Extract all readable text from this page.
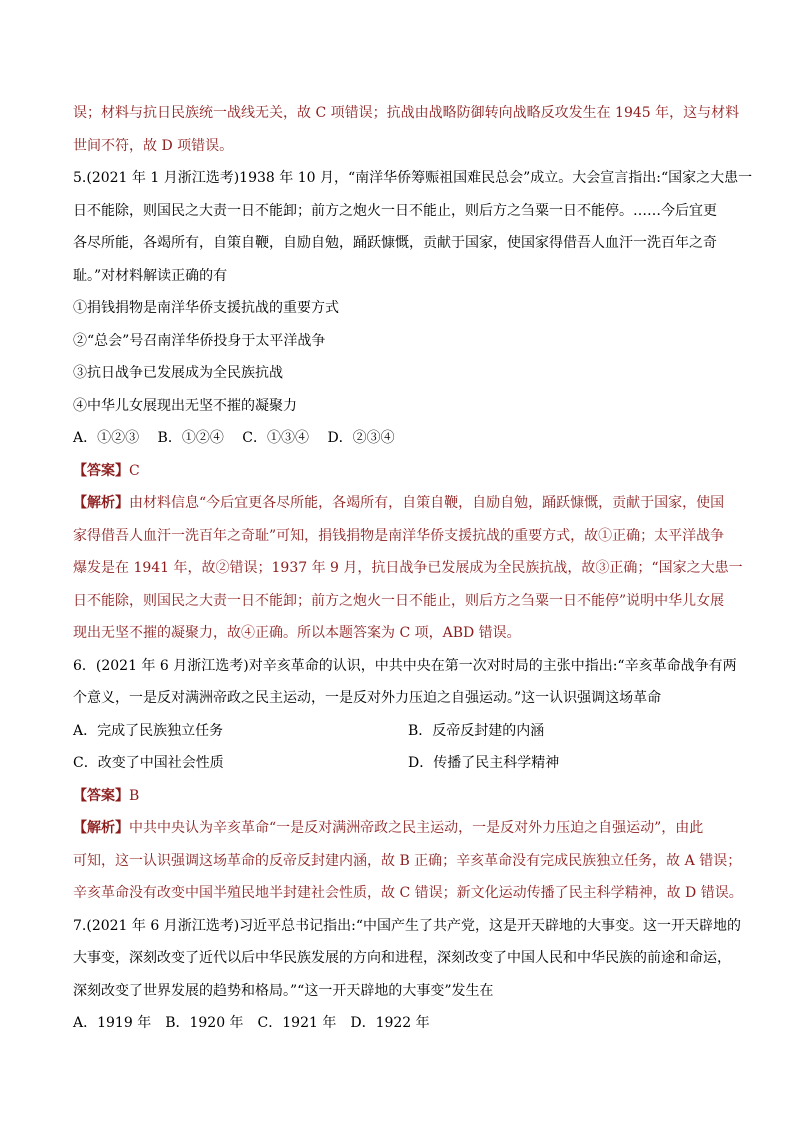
误；材料与抗日民族统一战线无关，故 C 项错误；抗战由战略防御转向战略反攻发生在 1945 年，这与材料
世间不符，故 D 项错误。
5.(2021 年 1 月浙江选考)1938 年 10 月，“南洋华侨筹赈祖国难民总会”成立。大会宣言指出:“国家之大患一
日不能除，则国民之大责一日不能卸；前方之炮火一日不能止，则后方之刍粟一日不能停。……今后宜更
各尽所能，各竭所有，自策自鞭，自励自勉，踊跃慷慨，贡献于国家，使国家得借吾人血汗一洗百年之奇
耻。”对材料解读正确的有
①捐钱捐物是南洋华侨支援抗战的重要方式
②“总会”号召南洋华侨投身于太平洋战争
③抗日战争已发展成为全民族抗战
④中华儿女展现出无坚不摧的凝聚力
A．①②③　 B．①②④　 C．①③④　 D．②③④
【答案】C
【解析】由材料信息“今后宜更各尽所能，各竭所有，自策自鞭，自励自勉，踊跃慷慨，贡献于国家，使国
家得借吾人血汗一洗百年之奇耻”可知，捐钱捐物是南洋华侨支援抗战的重要方式，故①正确；太平洋战争
爆发是在 1941 年，故②错误；1937 年 9 月，抗日战争已发展成为全民族抗战，故③正确；“国家之大患一
日不能除，则国民之大责一日不能卸；前方之炮火一日不能止，则后方之刍粟一日不能停”说明中华儿女展
现出无坚不摧的凝聚力，故④正确。所以本题答案为 C 项，ABD 错误。
6．(2021 年 6 月浙江选考)对辛亥革命的认识，中共中央在第一次对时局的主张中指出:“辛亥革命战争有两
个意义，一是反对满洲帝政之民主运动，一是反对外力压迫之自强运动。”这一认识强调这场革命
A．完成了民族独立任务	B．反帝反封建的内涵
C．改变了中国社会性质	D．传播了民主科学精神
【答案】B
【解析】中共中央认为辛亥革命“一是反对满洲帝政之民主运动，一是反对外力压迫之自强运动”，由此
可知，这一认识强调这场革命的反帝反封建内涵，故 B 正确；辛亥革命没有完成民族独立任务，故 A 错误；
辛亥革命没有改变中国半殖民地半封建社会性质，故 C 错误；新文化运动传播了民主科学精神，故 D 错误。
7.(2021 年 6 月浙江选考)习近平总书记指出:“中国产生了共产党，这是开天辟地的大事变。这一开天辟地的
大事变，深刻改变了近代以后中华民族发展的方向和进程，深刻改变了中国人民和中华民族的前途和命运，
深刻改变了世界发展的趋势和格局。”“这一开天辟地的大事变”发生在
A．1919 年　B．1920 年　C．1921 年　D．1922 年
